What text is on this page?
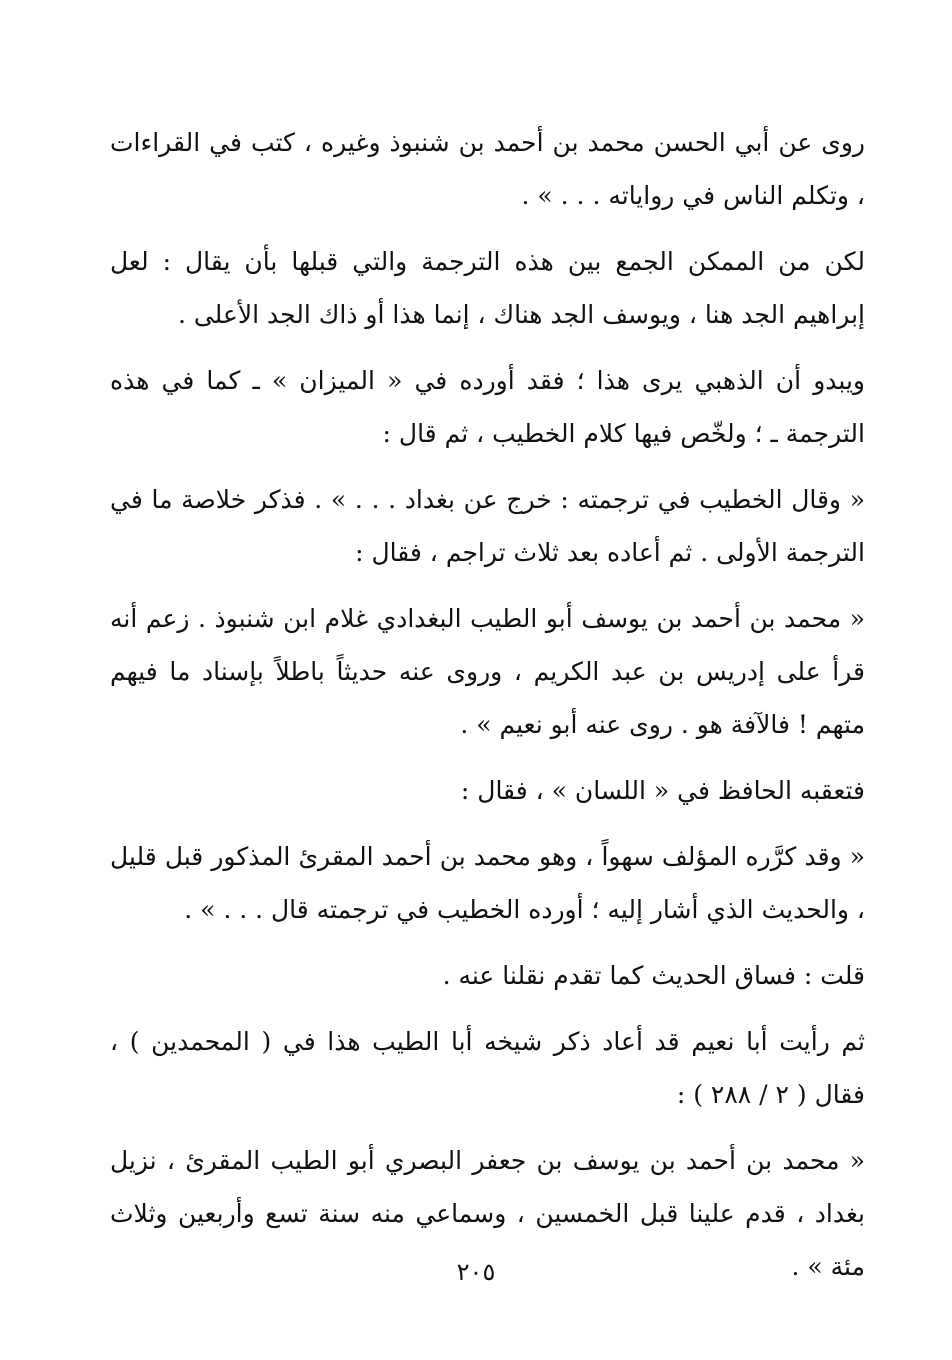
روى عن أبي الحسن محمد بن أحمد بن شنبوذ وغيره ، كتب في القراءات ، وتكلم الناس في رواياته . . . » .

لكن من الممكن الجمع بين هذه الترجمة والتي قبلها بأن يقال : لعل إبراهيم الجد هنا ، ويوسف الجد هناك ، إنما هذا أو ذاك الجد الأعلى .

ويبدو أن الذهبي يرى هذا ؛ فقد أورده في « الميزان » ـ كما في هذه الترجمة ـ ؛ ولخّص فيها كلام الخطيب ، ثم قال :

« وقال الخطيب في ترجمته : خرج عن بغداد . . . » . فذكر خلاصة ما في الترجمة الأولى . ثم أعاده بعد ثلاث تراجم ، فقال :

« محمد بن أحمد بن يوسف أبو الطيب البغدادي غلام ابن شنبوذ . زعم أنه قرأ على إدريس بن عبد الكريم ، وروى عنه حديثاً باطلاً بإسناد ما فيهم متهم ! فالآفة هو . روى عنه أبو نعيم » .

فتعقبه الحافظ في « اللسان » ، فقال :

« وقد كرَّره المؤلف سهواً ، وهو محمد بن أحمد المقرئ المذكور قبل قليل ، والحديث الذي أشار إليه ؛ أورده الخطيب في ترجمته قال . . . » .

قلت : فساق الحديث كما تقدم نقلنا عنه .

ثم رأيت أبا نعيم قد أعاد ذكر شيخه أبا الطيب هذا في ( المحمدين ) ، فقال ( ٢ / ٢٨٨ ) :

« محمد بن أحمد بن يوسف بن جعفر البصري أبو الطيب المقرئ ، نزيل بغداد ، قدم علينا قبل الخمسين ، وسماعي منه سنة تسع وأربعين وثلاث مئة » .

٢٠٥
